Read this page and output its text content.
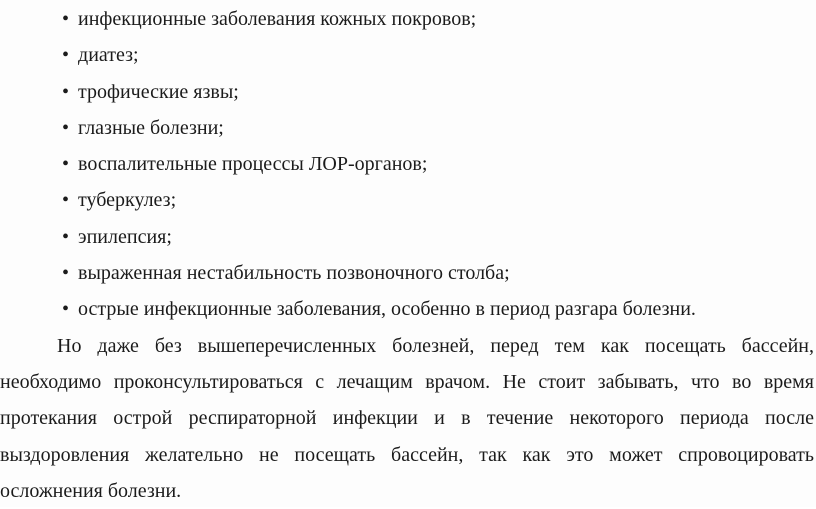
• инфекционные заболевания кожных покровов;
• диатез;
• трофические язвы;
• глазные болезни;
• воспалительные процессы ЛОР-органов;
• туберкулез;
• эпилепсия;
• выраженная нестабильность позвоночного столба;
• острые инфекционные заболевания, особенно в период разгара болезни.
Но даже без вышеперечисленных болезней, перед тем как посещать бассейн,
необходимо проконсультироваться с лечащим врачом. Не стоит забывать, что во время
протекания острой респираторной инфекции и в течение некоторого периода после
выздоровления желательно не посещать бассейн, так как это может спровоцировать
осложнения болезни.
